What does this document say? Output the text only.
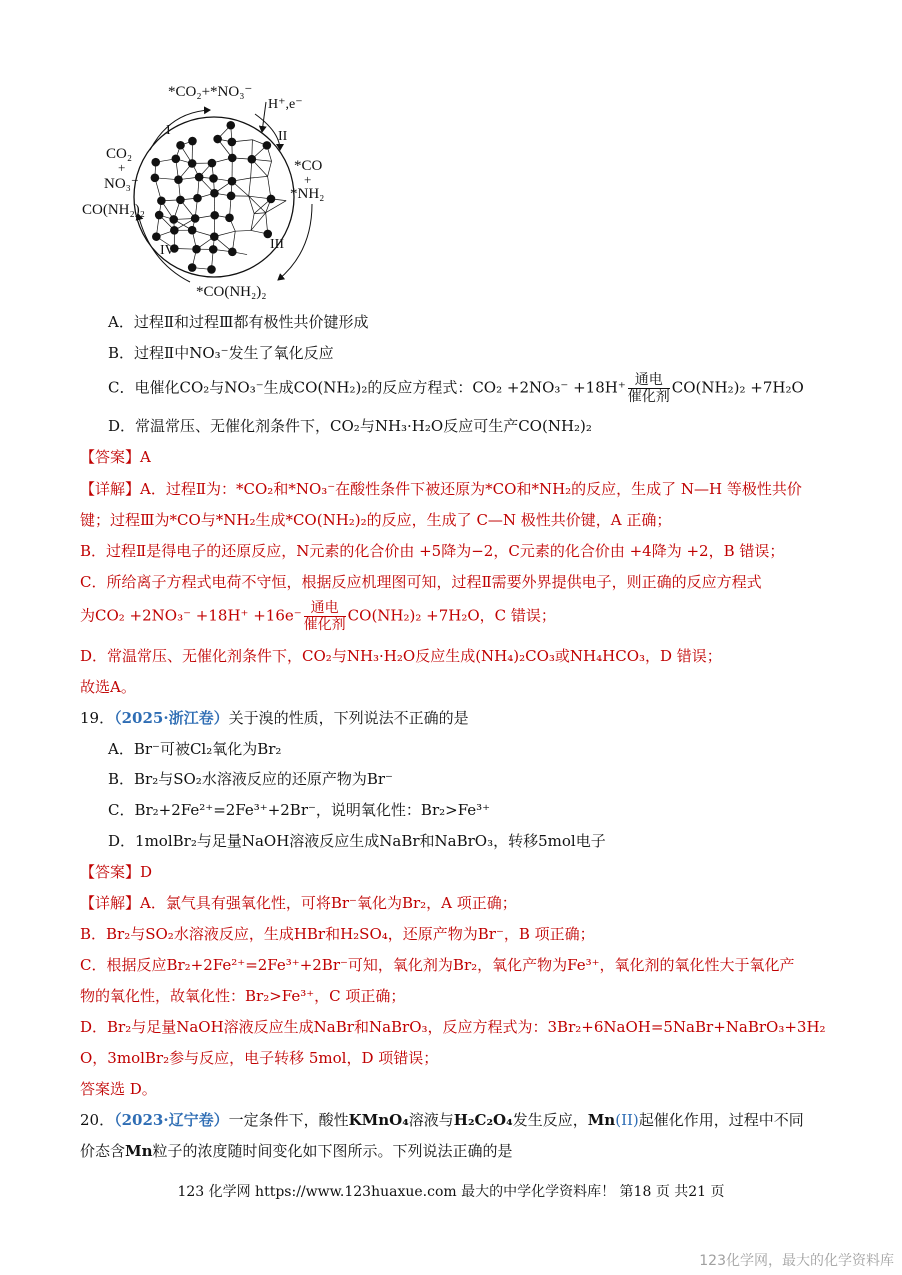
*CO₂+*NO₃⁻
H⁺,e⁻
CO₂
+
NO₃⁻
CO(NH₂)₂
*CO
+
*NH₂
*CO(NH₂)₂
I	II
III
IV
A．过程Ⅱ和过程Ⅲ都有极性共价键形成
B．过程Ⅱ中NO₃⁻发生了氧化反应
C．电催化CO₂与NO₃⁻生成CO(NH₂)₂的反应方程式：CO₂ +2NO₃⁻ +18H⁺ 通电
催化剂
CO(NH₂)₂ +7H₂O
D．常温常压、无催化剂条件下，CO₂与NH₃·H₂O反应可生产CO(NH₂)₂
【答案】A
【详解】A．过程Ⅱ为：*CO₂和*NO₃⁻在酸性条件下被还原为*CO和*NH₂的反应，生成了 N—H 等极性共价
键；过程Ⅲ为*CO与*NH₂生成*CO(NH₂)₂的反应，生成了 C—N 极性共价键，A 正确；
B．过程Ⅱ是得电子的还原反应，N元素的化合价由 +5降为−2，C元素的化合价由 +4降为 +2，B 错误；
C．所给离子方程式电荷不守恒，根据反应机理图可知，过程Ⅱ需要外界提供电子，则正确的反应方程式
为CO₂ +2NO₃⁻ +18H⁺ +16e⁻ 通电
催化剂
CO(NH₂)₂ +7H₂O，C 错误；
D．常温常压、无催化剂条件下，CO₂与NH₃·H₂O反应生成(NH₄)₂CO₃或NH₄HCO₃，D 错误；
故选A。
19．（2025·浙江卷）关于溴的性质，下列说法不正确的是
A．Br⁻可被Cl₂氧化为Br₂
B．Br₂与SO₂水溶液反应的还原产物为Br⁻
C．Br₂+2Fe²⁺=2Fe³⁺+2Br⁻，说明氧化性：Br₂>Fe³⁺
D．1molBr₂与足量NaOH溶液反应生成NaBr和NaBrO₃，转移5mol电子
【答案】D
【详解】A．氯气具有强氧化性，可将Br⁻氧化为Br₂，A 项正确；
B．Br₂与SO₂水溶液反应，生成HBr和H₂SO₄，还原产物为Br⁻，B 项正确；
C．根据反应Br₂+2Fe²⁺=2Fe³⁺+2Br⁻可知，氧化剂为Br₂，氧化产物为Fe³⁺，氧化剂的氧化性大于氧化产
物的氧化性，故氧化性：Br₂>Fe³⁺，C 项正确；
D．Br₂与足量NaOH溶液反应生成NaBr和NaBrO₃，反应方程式为：3Br₂+6NaOH=5NaBr+NaBrO₃+3H₂
O，3molBr₂参与反应，电子转移 5mol，D 项错误；
答案选 D。
20．（2023·辽宁卷）一定条件下，酸性KMnO₄溶液与H₂C₂O₄发生反应，Mn(II)起催化作用，过程中不同
价态含Mn粒子的浓度随时间变化如下图所示。下列说法正确的是
123 化学网 https://www.123huaxue.com 最大的中学化学资料库！ 第18 页 共21 页
123化学网，最大的化学资料库
